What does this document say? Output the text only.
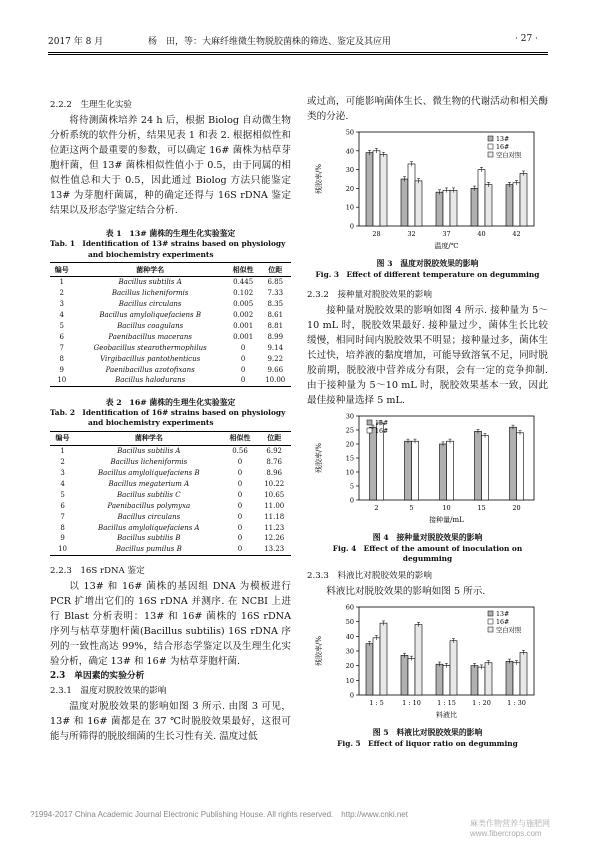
2017 年 8 月	杨　田，等：大麻纤维微生物脱胶菌株的筛选、鉴定及其应用	· 27 ·

2.2.2　生理生化实验

将待测菌株培养 24 h 后，根据 Biolog 自动微生物分析系统的软件分析，结果见表 1 和表 2. 根据相似性和位距这两个最重要的参数，可以确定 16# 菌株为枯草芽胞杆菌，但 13# 菌株相似性值小于 0.5，由于同属的相似性值总和大于 0.5，因此通过 Biolog 方法只能鉴定 13# 为芽胞杆菌属，种的确定还得与 16S rDNA 鉴定结果以及形态学鉴定结合分析.

表 1　13# 菌株的生理生化实验鉴定

Tab. 1　Identification of 13# strains based on physiology

and biochemistry experiments

编号	菌种学名	相似性	位距
1	Bacillus subtilis A	0.445	6.85
2	Bacillus licheniformis	0.102	7.33
3	Bacillus circulans	0.005	8.35
4	Bacillus amyloliquefaciens B	0.002	8.61
5	Bacillus coagulans	0.001	8.81
6	Paenibacillus macerans	0.001	8.99
7	Geobacillus stearothermophilus	0	9.14
8	Virgibacillus pantothenticus	0	9.22
9	Paenibacillus azotofixans	0	9.66
10	Bacillus halodurans	0	10.00

表 2　16# 菌株的生理生化实验鉴定

Tab. 2　Identification of 16# strains based on physiology

and biochemistry experiments

编号	菌种学名	相似性	位距
1	Bacillus subtilis A	0.56	6.92
2	Bacillus licheniformis	0	8.76
3	Bacillus amyloliquefaciens B	0	8.96
4	Bacillus megaterium A	0	10.22
5	Bacillus subtilis C	0	10.65
6	Paenibacillus polymyxa	0	11.00
7	Bacillus circulans	0	11.18
8	Bacillus amyloliquefaciens A	0	11.23
9	Bacillus subtilis B	0	12.26
10	Bacillus pumilus B	0	13.23

2.2.3　16S rDNA 鉴定

以 13# 和 16# 菌株的基因组 DNA 为模板进行 PCR 扩增出它们的 16S rDNA 并测序. 在 NCBI 上进行 Blast 分析表明：13# 和 16# 菌株的 16S rDNA 序列与枯草芽胞杆菌(Bacillus subtilis) 16S rDNA 序列的一致性高达 99%，结合形态学鉴定以及生理生化实验分析，确定 13# 和 16# 为枯草芽胞杆菌.

2.3　单因素的实验分析

2.3.1　温度对脱胶效果的影响

温度对脱胶效果的影响如图 3 所示. 由图 3 可见，13# 和 16# 菌都是在 37 ℃时脱胶效果最好，这很可能与所筛得的脱胶细菌的生长习性有关. 温度过低

或过高，可能影响菌体生长、微生物的代谢活动和相关酶类的分泌.

0
10
20
30
40
50
28	32	37	40	42
温度/℃
残胶率/%
13#
16#
空白对照

图 3　温度对脱胶效果的影响

Fig. 3　Effect of different temperature on degumming

2.3.2　接种量对脱胶效果的影响

接种量对脱胶效果的影响如图 4 所示. 接种量为 5～10 mL 时，脱胶效果最好. 接种量过少，菌体生长比较缓慢，相同时间内脱胶效果不明显；接种量过多，菌体生长过快，培养液的黏度增加，可能导致溶氧不足，同时脱胶前期，脱胶液中营养成分有限，会有一定的竞争抑制. 由于接种量为 5～10 mL 时，脱胶效果基本一致，因此最佳接种量选择 5 mL.

0
5
10
15
20
25
30
2	5	10	15	20
接种量/mL
残胶率/%
13#
16#

图 4　接种量对脱胶效果的影响

Fig. 4　Effect of the amount of inoculation on degumming

2.3.3　料液比对脱胶效果的影响

料液比对脱胶效果的影响如图 5 所示.

0
10
20
30
40
50
60
1 : 5	1 : 10	1 : 15	1 : 20	1 : 30
料液比
残胶率/%
13#
16#
空白对照

图 5　料液比对脱胶效果的影响

Fig. 5　Effect of liquor ratio on degumming

?1994-2017 China Academic Journal Electronic Publishing House. All rights reserved.　http://www.cnki.net
麻类作物营养与施肥网 www.fibercrops.com
